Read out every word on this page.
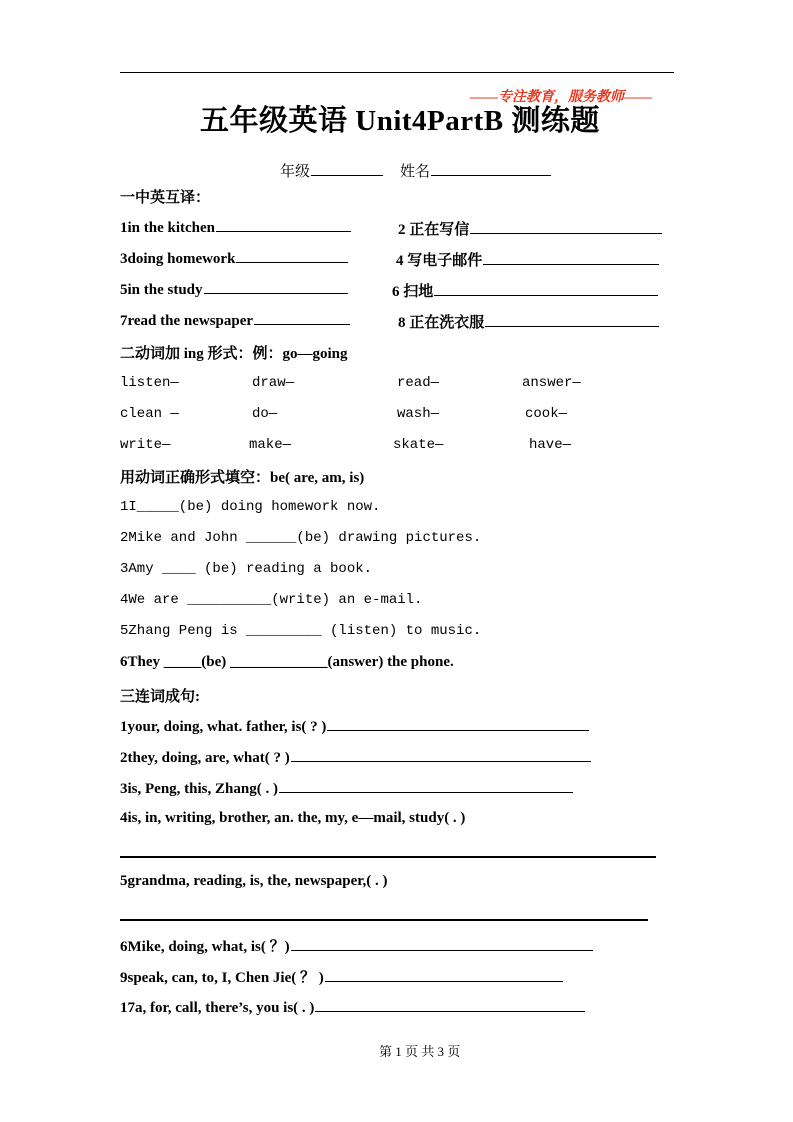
——专注教育，服务教师——
五年级英语 Unit4PartB 测练题
年级	姓名
一中英互译：
1in the kitchen	2 正在写信
3doing homework	4 写电子邮件
5in the study	6 扫地
7read the newspaper	8 正在洗衣服
二动词加 ing 形式：例：go—going
listen—	draw—	read—	answer—
clean —	do—	wash—	cook—
write—	make—	skate—	have—
用动词正确形式填空：be( are, am, is)
1I_____(be) doing homework now.
2Mike and John ______(be) drawing pictures.
3Amy ____ (be) reading a book.
4We are __________(write) an e-mail.
5Zhang Peng is _________ (listen) to music.
6They _____(be) _____________(answer) the phone.
三连词成句:
1your, doing, what. father, is( ? )
2they, doing, are, what( ? )
3is, Peng, this, Zhang( . )
4is, in, writing, brother, an. the, my, e—mail, study( . )
5grandma, reading, is, the, newspaper,( . )
6Mike, doing, what, is( ？)
9speak, can, to, I, Chen Jie( ？ )
17a, for, call, there’s, you is( . )
第 1 页 共 3 页
